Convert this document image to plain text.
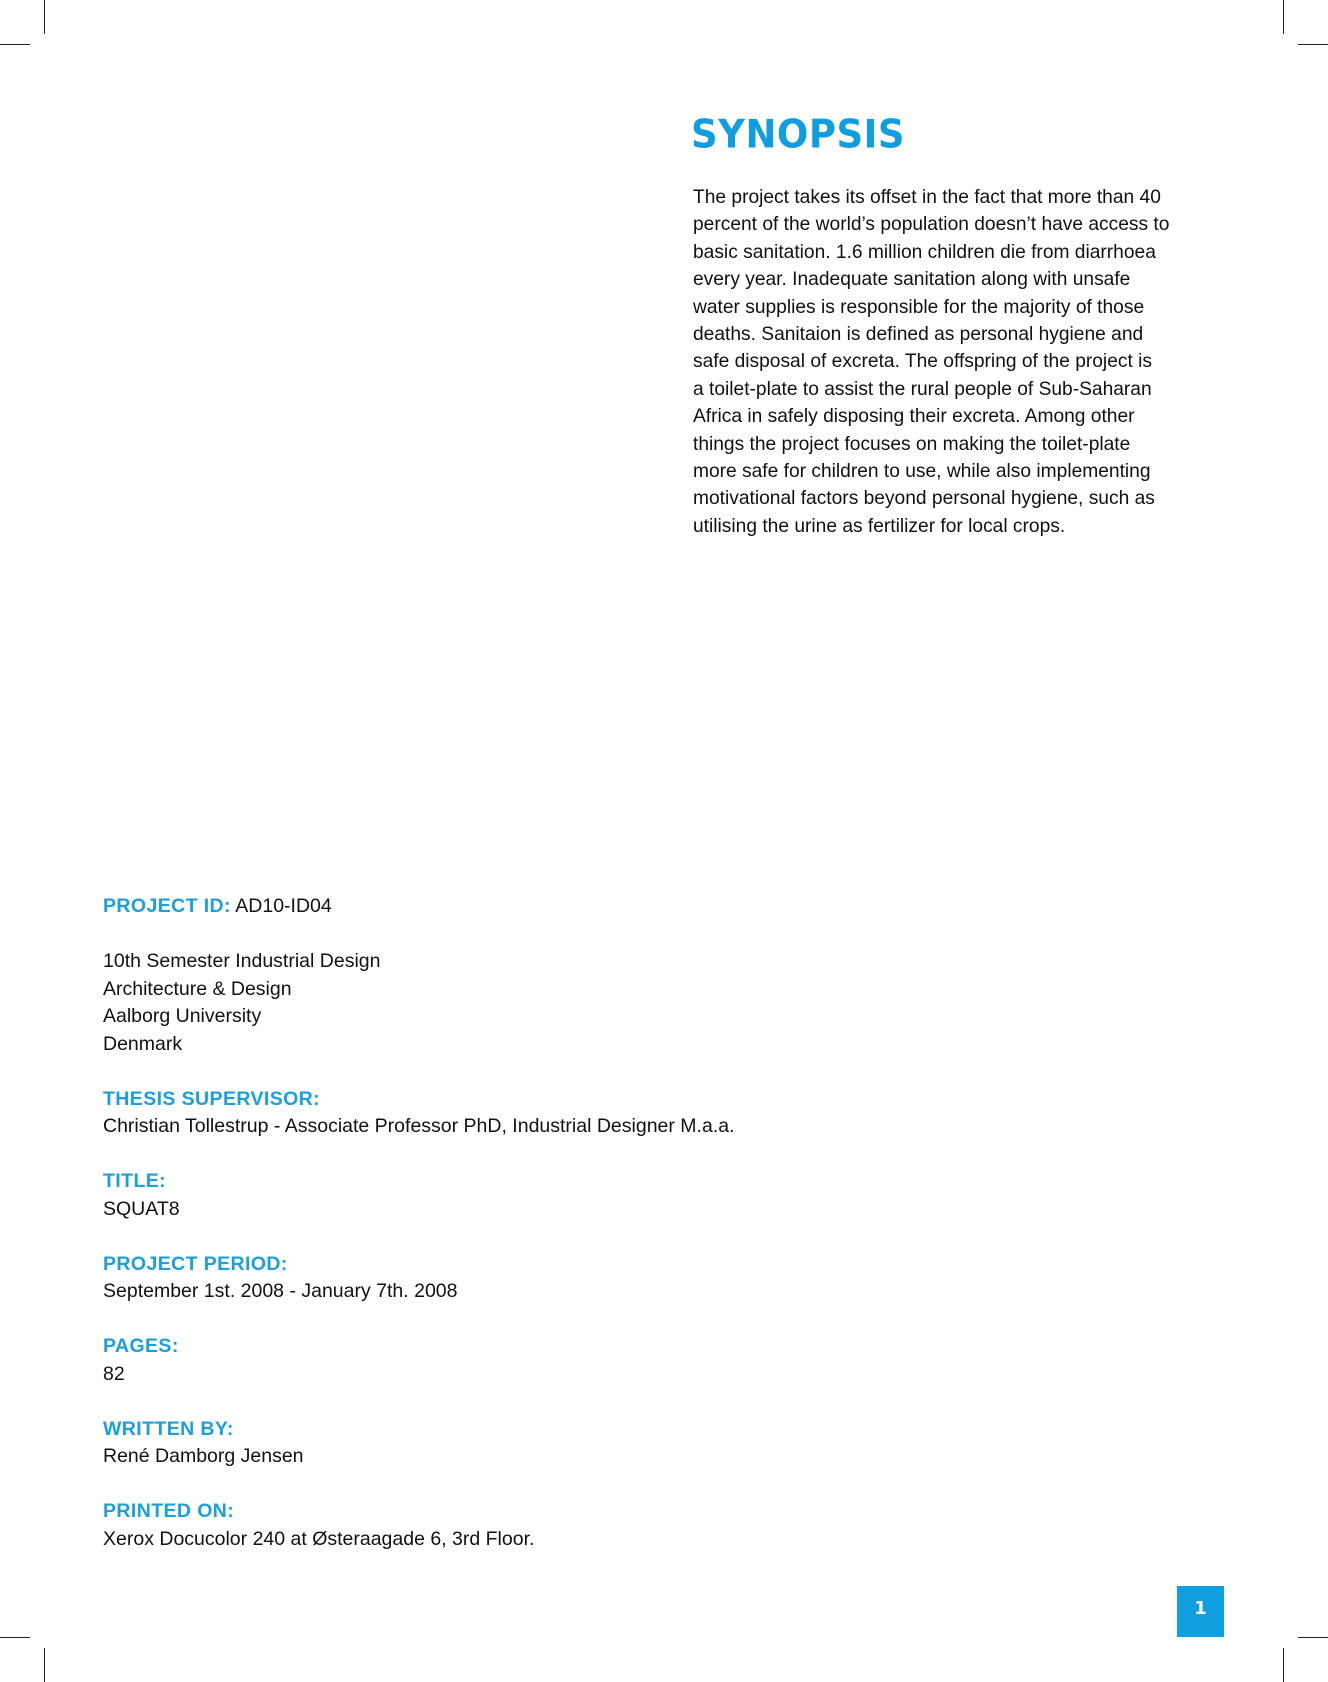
SYNOPSIS

The project takes its offset in the fact that more than 40
percent of the world’s population doesn’t have access to
basic sanitation. 1.6 million children die from diarrhoea
every year. Inadequate sanitation along with unsafe
water supplies is responsible for the majority of those
deaths. Sanitaion is defined as personal hygiene and
safe disposal of excreta. The offspring of the project is
a toilet-plate to assist the rural people of Sub-Saharan
Africa in safely disposing their excreta. Among other
things the project focuses on making the toilet-plate
more safe for children to use, while also implementing
motivational factors beyond personal hygiene, such as
utilising the urine as fertilizer for local crops.

PROJECT ID: AD10-ID04
10th Semester Industrial Design
Architecture & Design
Aalborg University
Denmark
THESIS SUPERVISOR:
Christian Tollestrup - Associate Professor PhD, Industrial Designer M.a.a.
TITLE:
SQUAT8
PROJECT PERIOD:
September 1st. 2008 - January 7th. 2008
PAGES:
82
WRITTEN BY:
René Damborg Jensen
PRINTED ON:
Xerox Docucolor 240 at Østeraagade 6, 3rd Floor.
1
